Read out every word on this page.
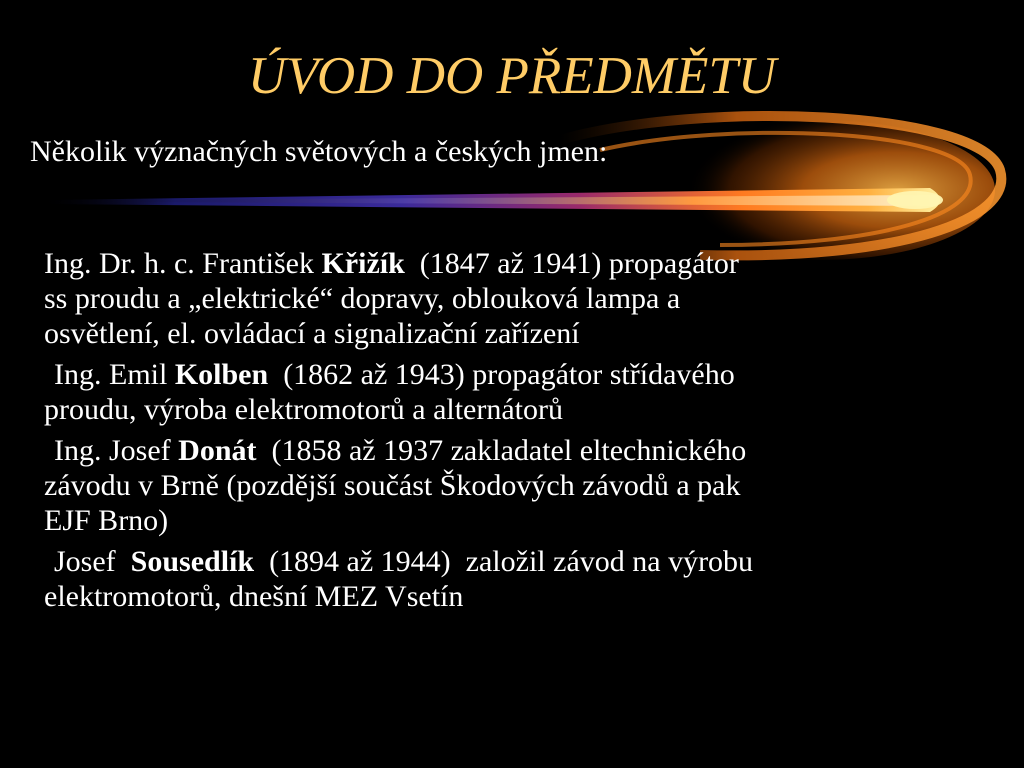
ÚVOD DO PŘEDMĚTU
Několik význačných světových a českých jmen:
Ing. Dr. h. c. František Křižík  (1847 až 1941) propagátor
ss proudu a „elektrické“ dopravy, oblouková lampa a
osvětlení, el. ovládací a signalizační zařízení
Ing. Emil Kolben  (1862 až 1943) propagátor střídavého
proudu, výroba elektromotorů a alternátorů
Ing. Josef Donát  (1858 až 1937 zakladatel eltechnického
závodu v Brně (pozdější součást Škodových závodů a pak
EJF Brno)
Josef  Sousedlík  (1894 až 1944)  založil závod na výrobu
elektromotorů, dnešní MEZ Vsetín
